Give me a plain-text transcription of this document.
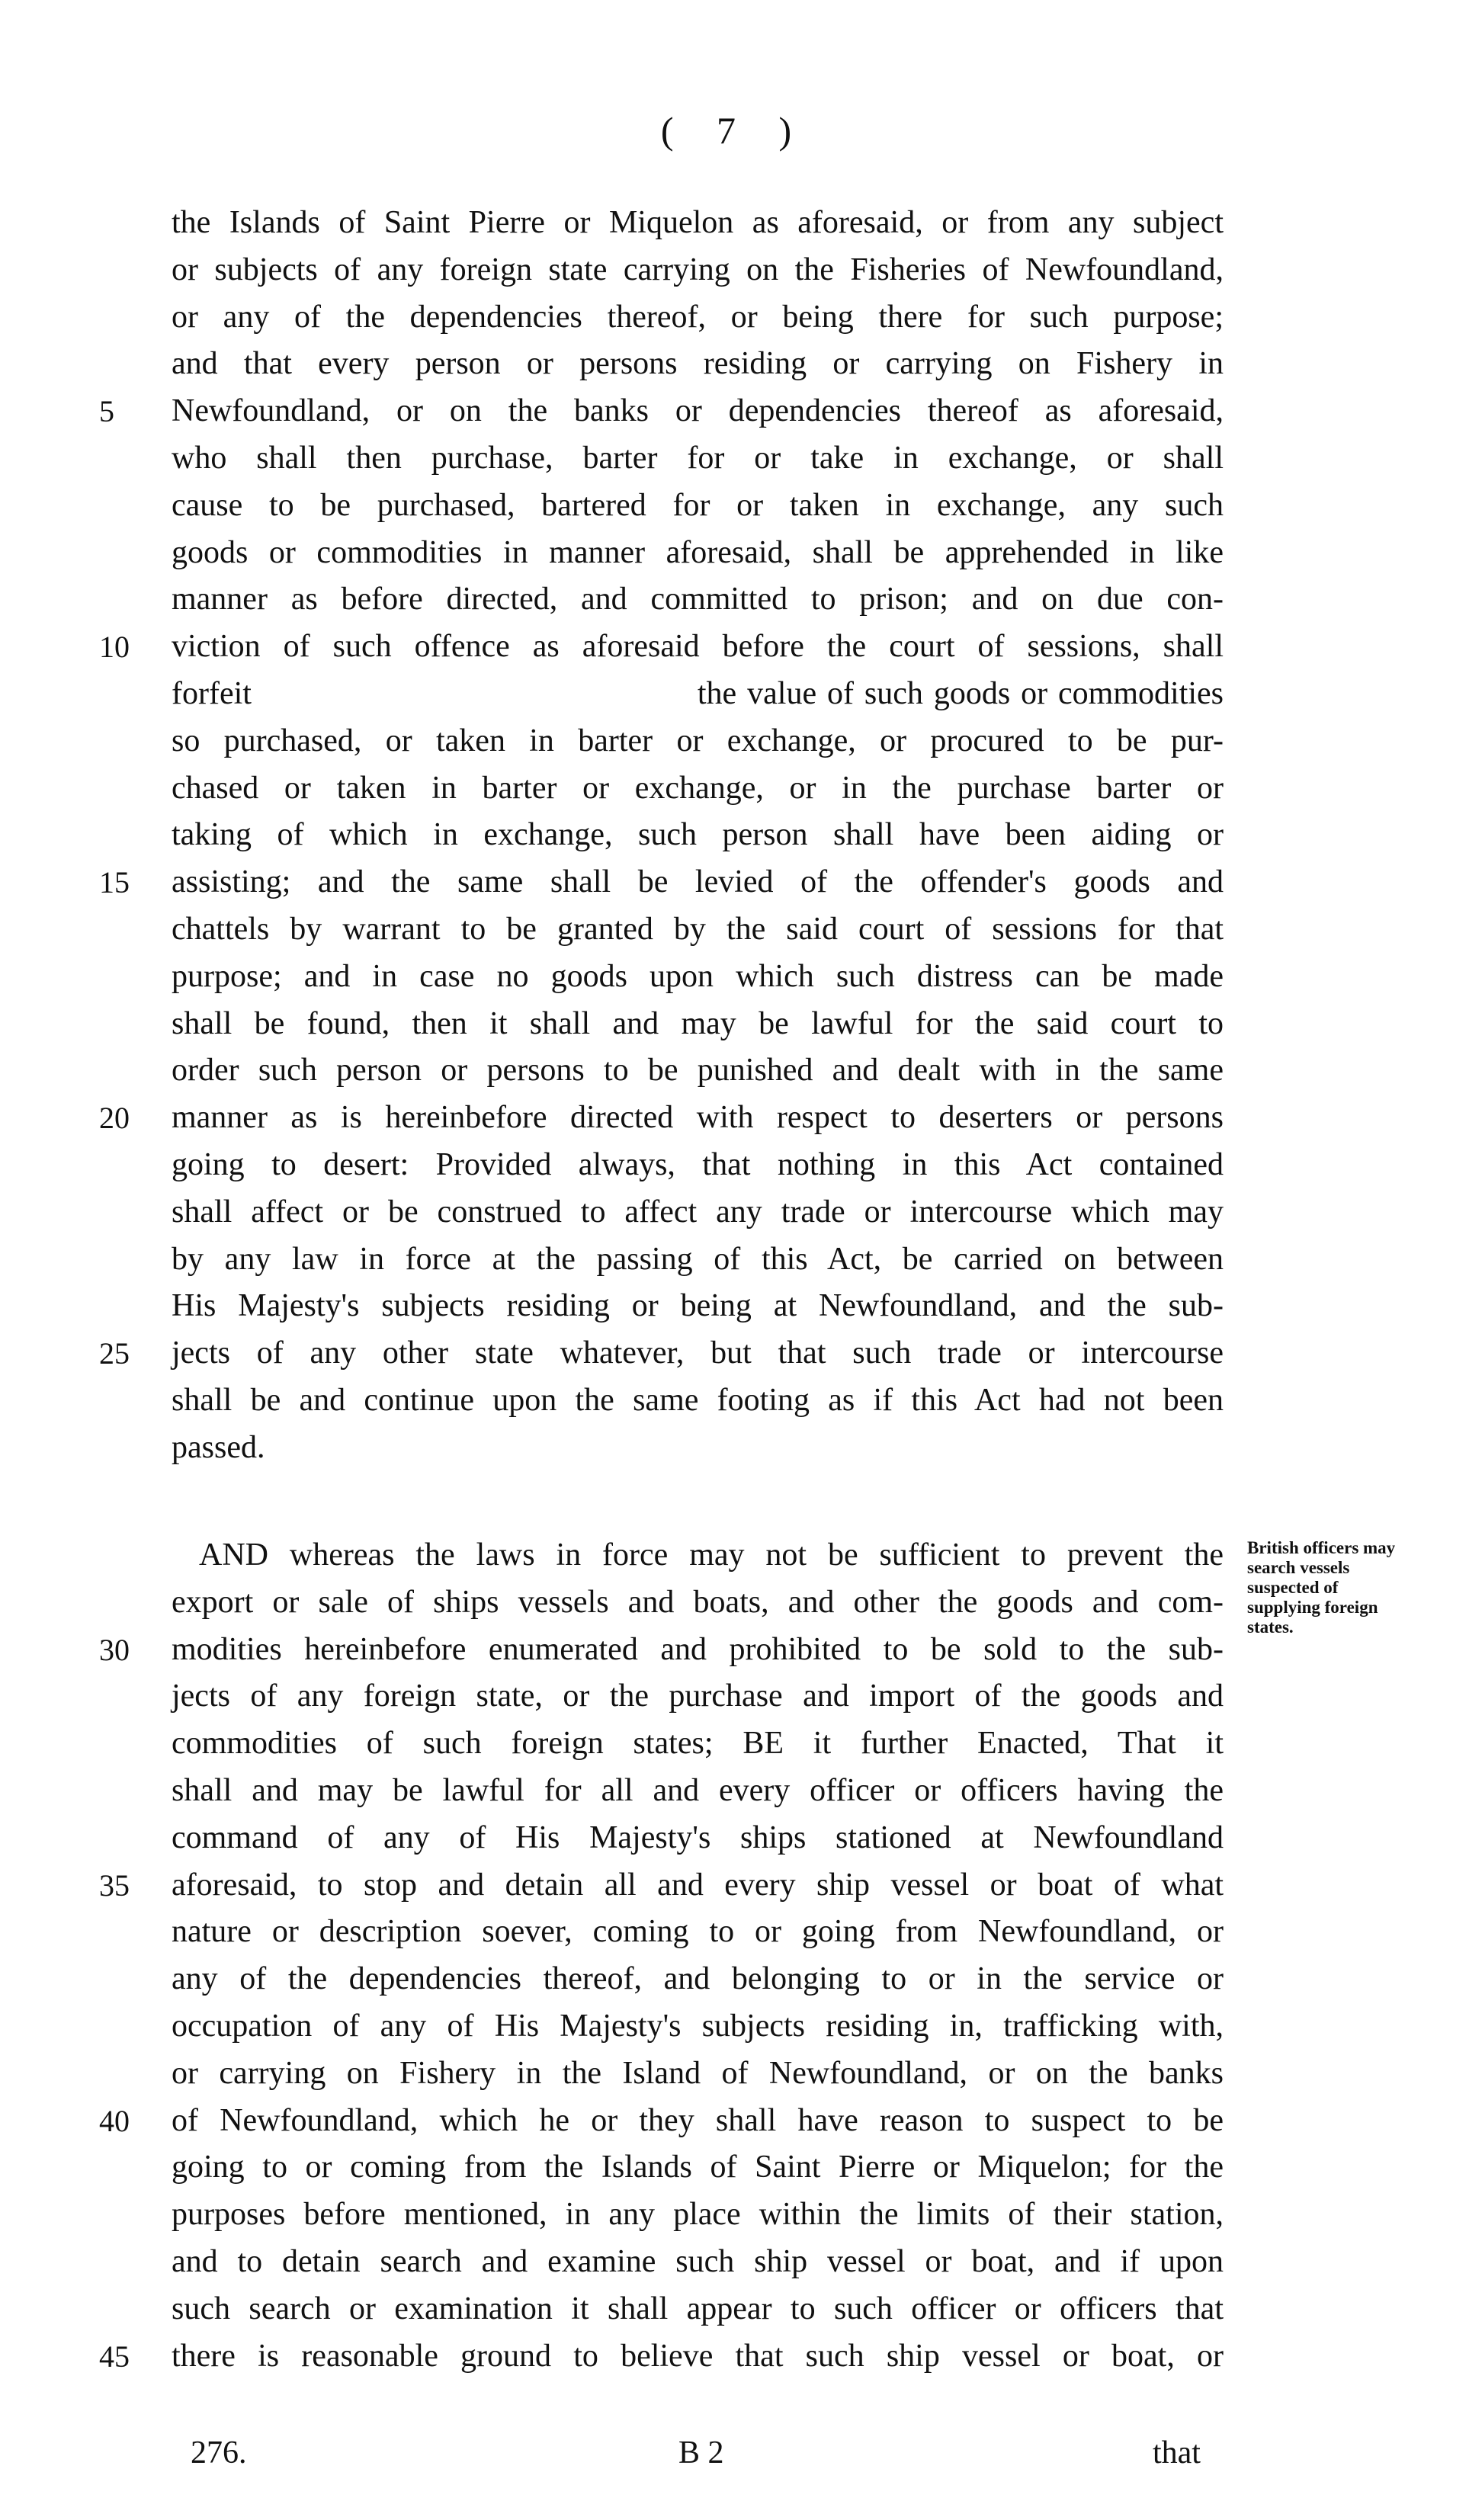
( 7 )
the Islands of Saint Pierre or Miquelon as aforesaid, or from any subject
or subjects of any foreign state carrying on the Fisheries of Newfoundland,
or any of the dependencies thereof, or being there for such purpose;
and that every person or persons residing or carrying on Fishery in
5	Newfoundland, or on the banks or dependencies thereof as aforesaid,
who shall then purchase, barter for or take in exchange, or shall
cause to be purchased, bartered for or taken in exchange, any such
goods or commodities in manner aforesaid, shall be apprehended in like
manner as before directed, and committed to prison; and on due con-
10	viction of such offence as aforesaid before the court of sessions, shall
forfeit                                          the value of such goods or commodities
so purchased, or taken in barter or exchange, or procured to be pur-
chased or taken in barter or exchange, or in the purchase barter or
taking of which in exchange, such person shall have been aiding or
15	assisting; and the same shall be levied of the offender's goods and
chattels by warrant to be granted by the said court of sessions for that
purpose; and in case no goods upon which such distress can be made
shall be found, then it shall and may be lawful for the said court to
order such person or persons to be punished and dealt with in the same
20	manner as is hereinbefore directed with respect to deserters or persons
going to desert: Provided always, that nothing in this Act contained
shall affect or be construed to affect any trade or intercourse which may
by any law in force at the passing of this Act, be carried on between
His Majesty's subjects residing or being at Newfoundland, and the sub-
25	jects of any other state whatever, but that such trade or intercourse
shall be and continue upon the same footing as if this Act had not been
passed.
AND whereas the laws in force may not be sufficient to prevent the
export or sale of ships vessels and boats, and other the goods and com-
30	modities hereinbefore enumerated and prohibited to be sold to the sub-
jects of any foreign state, or the purchase and import of the goods and
commodities of such foreign states; BE it further Enacted, That it
shall and may be lawful for all and every officer or officers having the
command of any of His Majesty's ships stationed at Newfoundland
35	aforesaid, to stop and detain all and every ship vessel or boat of what
nature or description soever, coming to or going from Newfoundland, or
any of the dependencies thereof, and belonging to or in the service or
occupation of any of His Majesty's subjects residing in, trafficking with,
or carrying on Fishery in the Island of Newfoundland, or on the banks
40	of Newfoundland, which he or they shall have reason to suspect to be
going to or coming from the Islands of Saint Pierre or Miquelon; for the
purposes before mentioned, in any place within the limits of their station,
and to detain search and examine such ship vessel or boat, and if upon
such search or examination it shall appear to such officer or officers that
45	there is reasonable ground to believe that such ship vessel or boat, or
British officers may search vessels suspected of supplying foreign states.
276.	B 2	that
